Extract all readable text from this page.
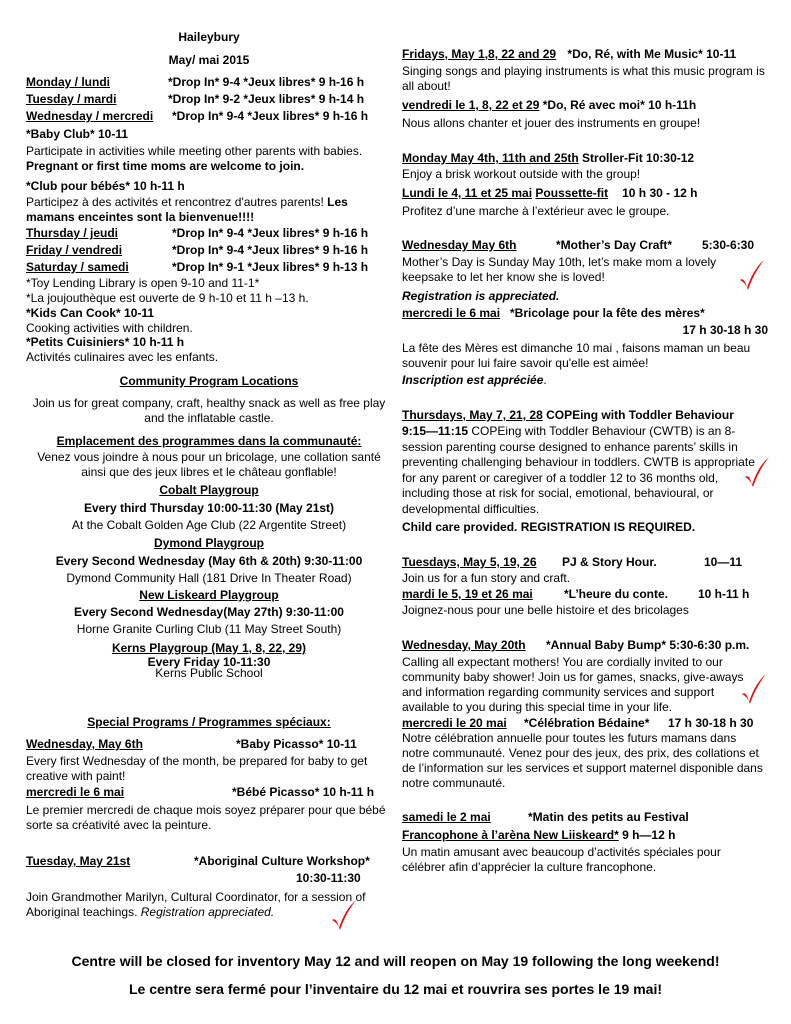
Haileybury
May/ mai 2015
Monday / lundi	*Drop In* 9-4 *Jeux libres* 9 h-16 h
Tuesday / mardi	*Drop In* 9-2 *Jeux libres* 9 h-14 h
Wednesday / mercredi	*Drop In* 9-4 *Jeux libres* 9 h-16 h
*Baby Club* 10-11

Participate in activities while meeting other parents with babies.

Pregnant or first time moms are welcome to join.

*Club pour bébés* 10 h-11 h
Participez à des activités et rencontrez d'autres parents! Les mamans enceintes sont la bienvenue!!!!
Thursday / jeudi	*Drop In* 9-4 *Jeux libres* 9 h-16 h
Friday / vendredi	*Drop In* 9-4 *Jeux libres* 9 h-16 h
Saturday / samedi	*Drop In* 9-1 *Jeux libres* 9 h-13 h
*Toy Lending Library is open 9-10 and 11-1*
*La joujouthèque est ouverte de 9 h-10 et 11 h –13 h.
*Kids Can Cook* 10-11
Cooking activities with children.
*Petits Cuisiniers* 10 h-11 h
Activités culinaires avec les enfants.
Community Program Locations
Join us for great company, craft, healthy snack as well as free play and the inflatable castle.
Emplacement des programmes dans la communauté:
Venez vous joindre à nous pour un bricolage, une collation santé ainsi que des jeux libres et le château gonflable!
Cobalt Playgroup
Every third Thursday 10:00-11:30 (May 21st)
At the Cobalt Golden Age Club (22 Argentite Street)
Dymond Playgroup
Every Second Wednesday (May 6th & 20th) 9:30-11:00
Dymond Community Hall (181 Drive In Theater Road)
New Liskeard Playgroup
Every Second Wednesday(May 27th) 9:30-11:00
Horne Granite Curling Club (11 May Street South)
Kerns Playgroup (May 1, 8, 22, 29)
Every Friday 10-11:30
Kerns Public School
Special Programs / Programmes spéciaux:
Wednesday, May 6th	*Baby Picasso* 10-11
Every first Wednesday of the month, be prepared for baby to get creative with paint!
mercredi le 6 mai	*Bébé Picasso* 10 h-11 h
Le premier mercredi de chaque mois soyez préparer pour que bébé sorte sa créativité avec la peinture.
Tuesday, May 21st	*Aboriginal Culture Workshop*
10:30-11:30
Join Grandmother Marilyn, Cultural Coordinator, for a session of Aboriginal teachings. Registration appreciated.
Fridays, May 1,8, 22 and 29 *Do, Ré, with Me Music* 10-11
Singing songs and playing instruments is what this music program is all about!
vendredi le 1, 8, 22 et 29 *Do, Ré avec moi* 10 h-11h
Nous allons chanter et jouer des instruments en groupe!
Monday May 4th, 11th and 25th Stroller-Fit 10:30-12
Enjoy a brisk workout outside with the group!
Lundi le 4, 11 et 25 mai Poussette-fit 10 h 30 - 12 h
Profitez d’une marche à l’extérieur avec le groupe.
Wednesday May 6th	*Mother’s Day Craft* 5:30-6:30
Mother’s Day is Sunday May 10th, let’s make mom a lovely keepsake to let her know she is loved!
Registration is appreciated.
mercredi le 6 mai *Bricolage pour la fête des mères*
17 h 30-18 h 30
La fête des Mères est dimanche 10 mai , faisons maman un beau souvenir pour lui faire savoir qu'elle est aimée!
Inscription est appréciée.
Thursdays, May 7, 21, 28 COPEing with Toddler Behaviour
9:15—11:15 COPEing with Toddler Behaviour (CWTB) is an 8-session parenting course designed to enhance parents’ skills in preventing challenging behaviour in toddlers. CWTB is appropriate for any parent or caregiver of a toddler 12 to 36 months old, including those at risk for social, emotional, behavioural, or developmental difficulties.
Child care provided. REGISTRATION IS REQUIRED.
Tuesdays, May 5, 19, 26 PJ & Story Hour.	10—11
Join us for a fun story and craft.
mardi le 5, 19 et 26 mai	*L’heure du conte. 10 h-11 h
Joignez-nous pour une belle histoire et des bricolages
Wednesday, May 20th *Annual Baby Bump* 5:30-6:30 p.m.
Calling all expectant mothers! You are cordially invited to our community baby shower! Join us for games, snacks, give-aways and information regarding community services and support available to you during this special time in your life.
mercredi le 20 mai *Célébration Bédaine* 17 h 30-18 h 30
Notre célébration annuelle pour toutes les futurs mamans dans notre communauté. Venez pour des jeux, des prix, des collations et de l’information sur les services et support maternel disponible dans notre communauté.
samedi le 2 mai	*Matin des petits au Festival
Francophone à l’arèna New Liiskeard* 9 h—12 h
Un matin amusant avec beaucoup d’activités spéciales pour célébrer afin d’apprécier la culture francophone.
Centre will be closed for inventory May 12 and will reopen on May 19 following the long weekend!
Le centre sera fermé pour l’inventaire du 12 mai et rouvrira ses portes le 19 mai!
